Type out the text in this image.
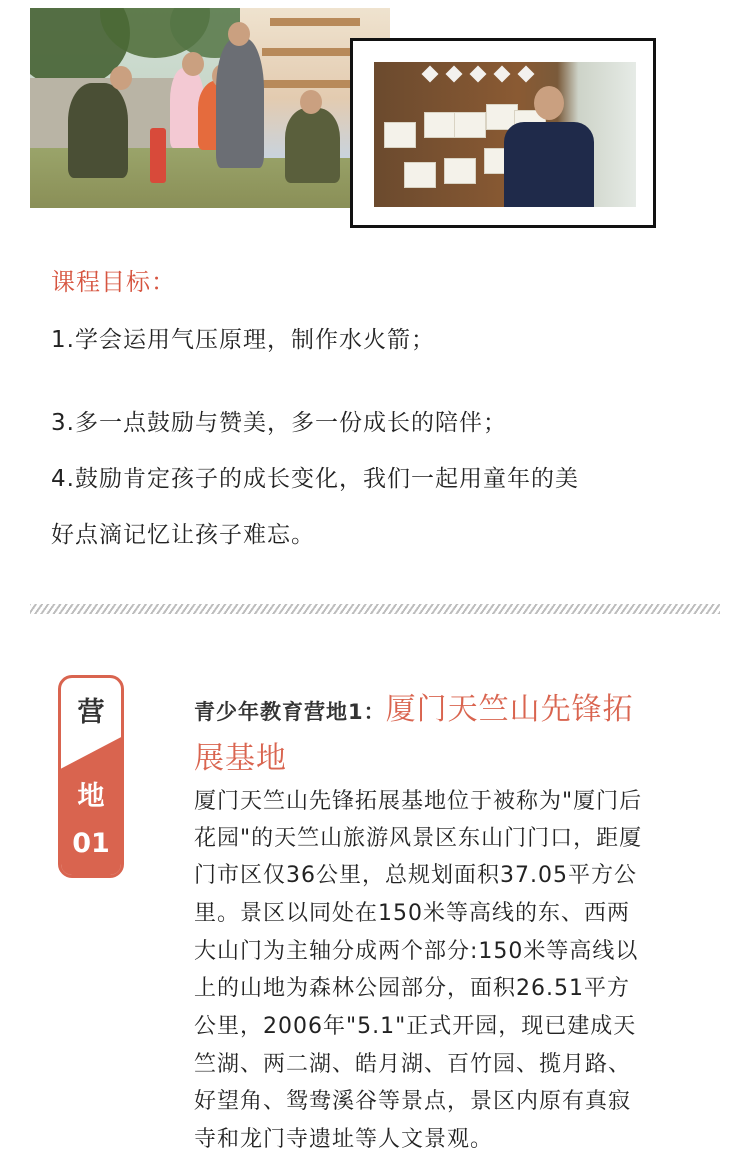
课程目标：
1.学会运用气压原理，制作水火箭；
3.多一点鼓励与赞美，多一份成长的陪伴；
4.鼓励肯定孩子的成长变化，我们一起用童年的美
好点滴记忆让孩子难忘。
营
地
01
青少年教育营地1：厦门天竺山先锋拓
展基地
厦门天竺山先锋拓展基地位于被称为"厦门后
花园"的天竺山旅游风景区东山门门口，距厦
门市区仅36公里，总规划面积37.05平方公
里。景区以同处在150米等高线的东、西两
大山门为主轴分成两个部分:150米等高线以
上的山地为森林公园部分，面积26.51平方
公里，2006年"5.1"正式开园，现已建成天
竺湖、两二湖、皓月湖、百竹园、揽月路、
好望角、鸳鸯溪谷等景点，景区内原有真寂
寺和龙门寺遗址等人文景观。
